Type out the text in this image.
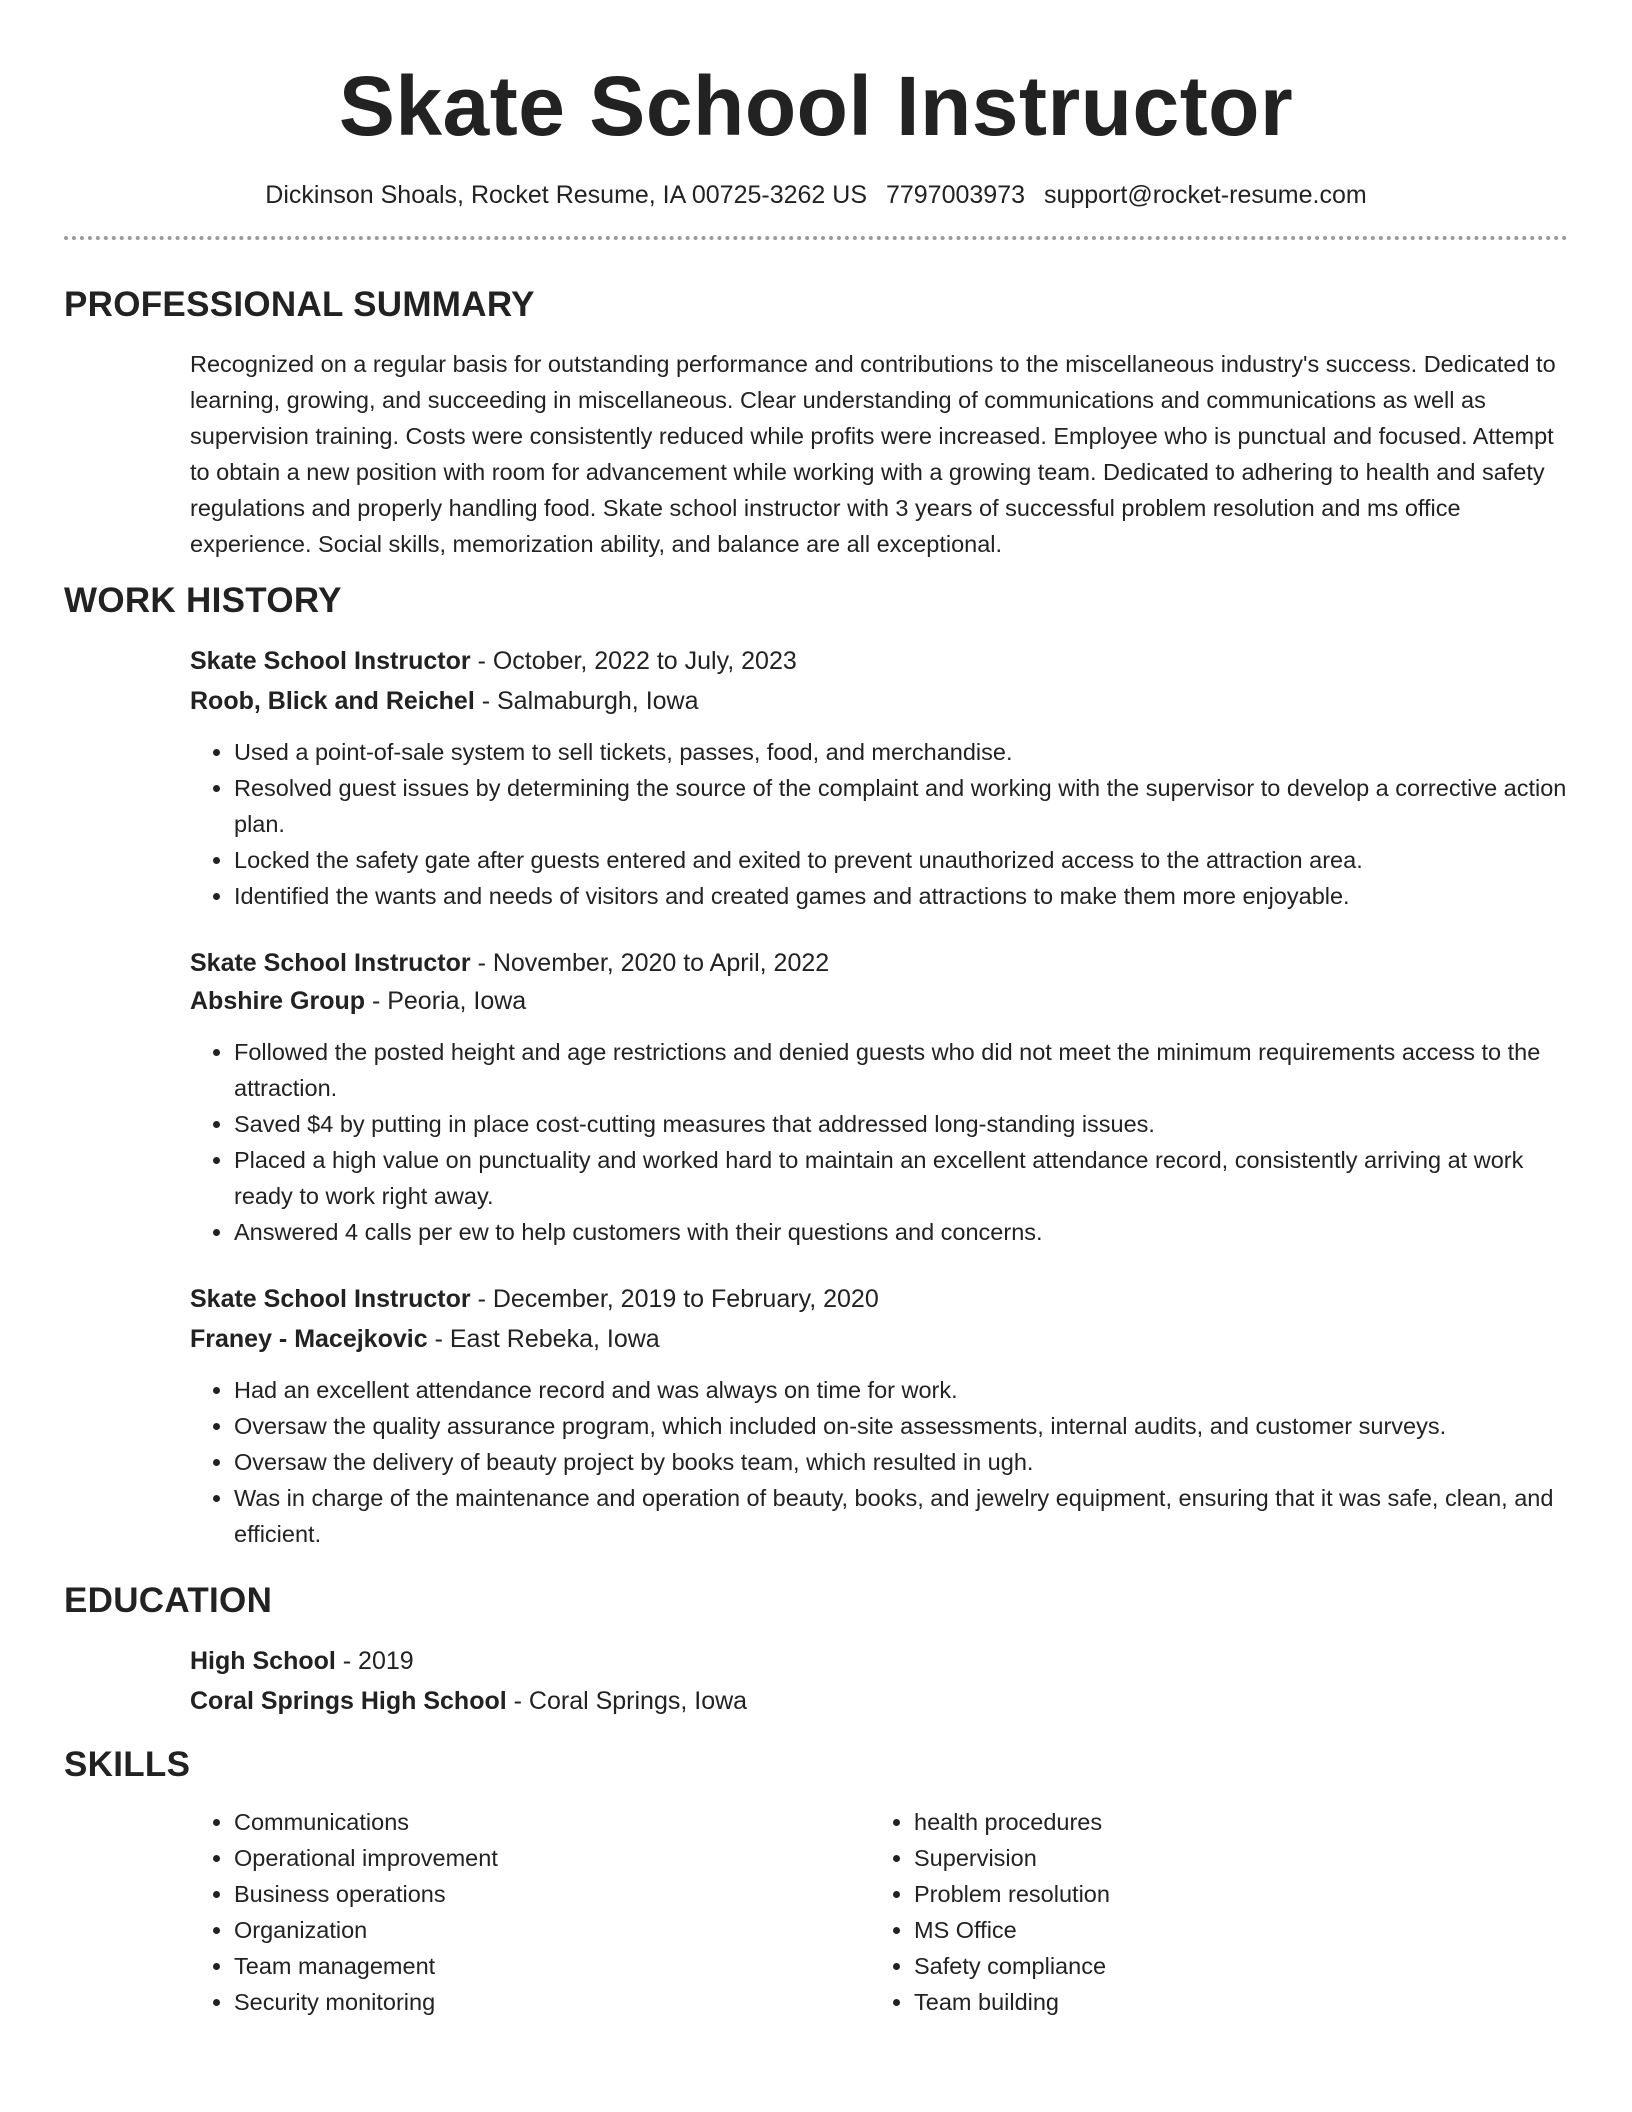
Skate School Instructor
Dickinson Shoals, Rocket Resume, IA 00725-3262 US 7797003973 support@rocket-resume.com
PROFESSIONAL SUMMARY

Recognized on a regular basis for outstanding performance and contributions to the miscellaneous industry's success. Dedicated to learning, growing, and succeeding in miscellaneous. Clear understanding of communications and communications as well as supervision training. Costs were consistently reduced while profits were increased. Employee who is punctual and focused. Attempt to obtain a new position with room for advancement while working with a growing team. Dedicated to adhering to health and safety regulations and properly handling food. Skate school instructor with 3 years of successful problem resolution and ms office experience. Social skills, memorization ability, and balance are all exceptional.

WORK HISTORY
Skate School Instructor - October, 2022 to July, 2023
Roob, Blick and Reichel - Salmaburgh, Iowa
• Used a point-of-sale system to sell tickets, passes, food, and merchandise.
• Resolved guest issues by determining the source of the complaint and working with the supervisor to develop a corrective action plan.
• Locked the safety gate after guests entered and exited to prevent unauthorized access to the attraction area.
• Identified the wants and needs of visitors and created games and attractions to make them more enjoyable.
Skate School Instructor - November, 2020 to April, 2022
Abshire Group - Peoria, Iowa
• Followed the posted height and age restrictions and denied guests who did not meet the minimum requirements access to the attraction.
• Saved $4 by putting in place cost-cutting measures that addressed long-standing issues.
• Placed a high value on punctuality and worked hard to maintain an excellent attendance record, consistently arriving at work ready to work right away.
• Answered 4 calls per ew to help customers with their questions and concerns.
Skate School Instructor - December, 2019 to February, 2020
Franey - Macejkovic - East Rebeka, Iowa
• Had an excellent attendance record and was always on time for work.
• Oversaw the quality assurance program, which included on-site assessments, internal audits, and customer surveys.
• Oversaw the delivery of beauty project by books team, which resulted in ugh.
• Was in charge of the maintenance and operation of beauty, books, and jewelry equipment, ensuring that it was safe, clean, and efficient.
EDUCATION
High School - 2019
Coral Springs High School - Coral Springs, Iowa
SKILLS
• Communications
• Operational improvement
• Business operations
• Organization
• Team management
• Security monitoring
• health procedures
• Supervision
• Problem resolution
• MS Office
• Safety compliance
• Team building
